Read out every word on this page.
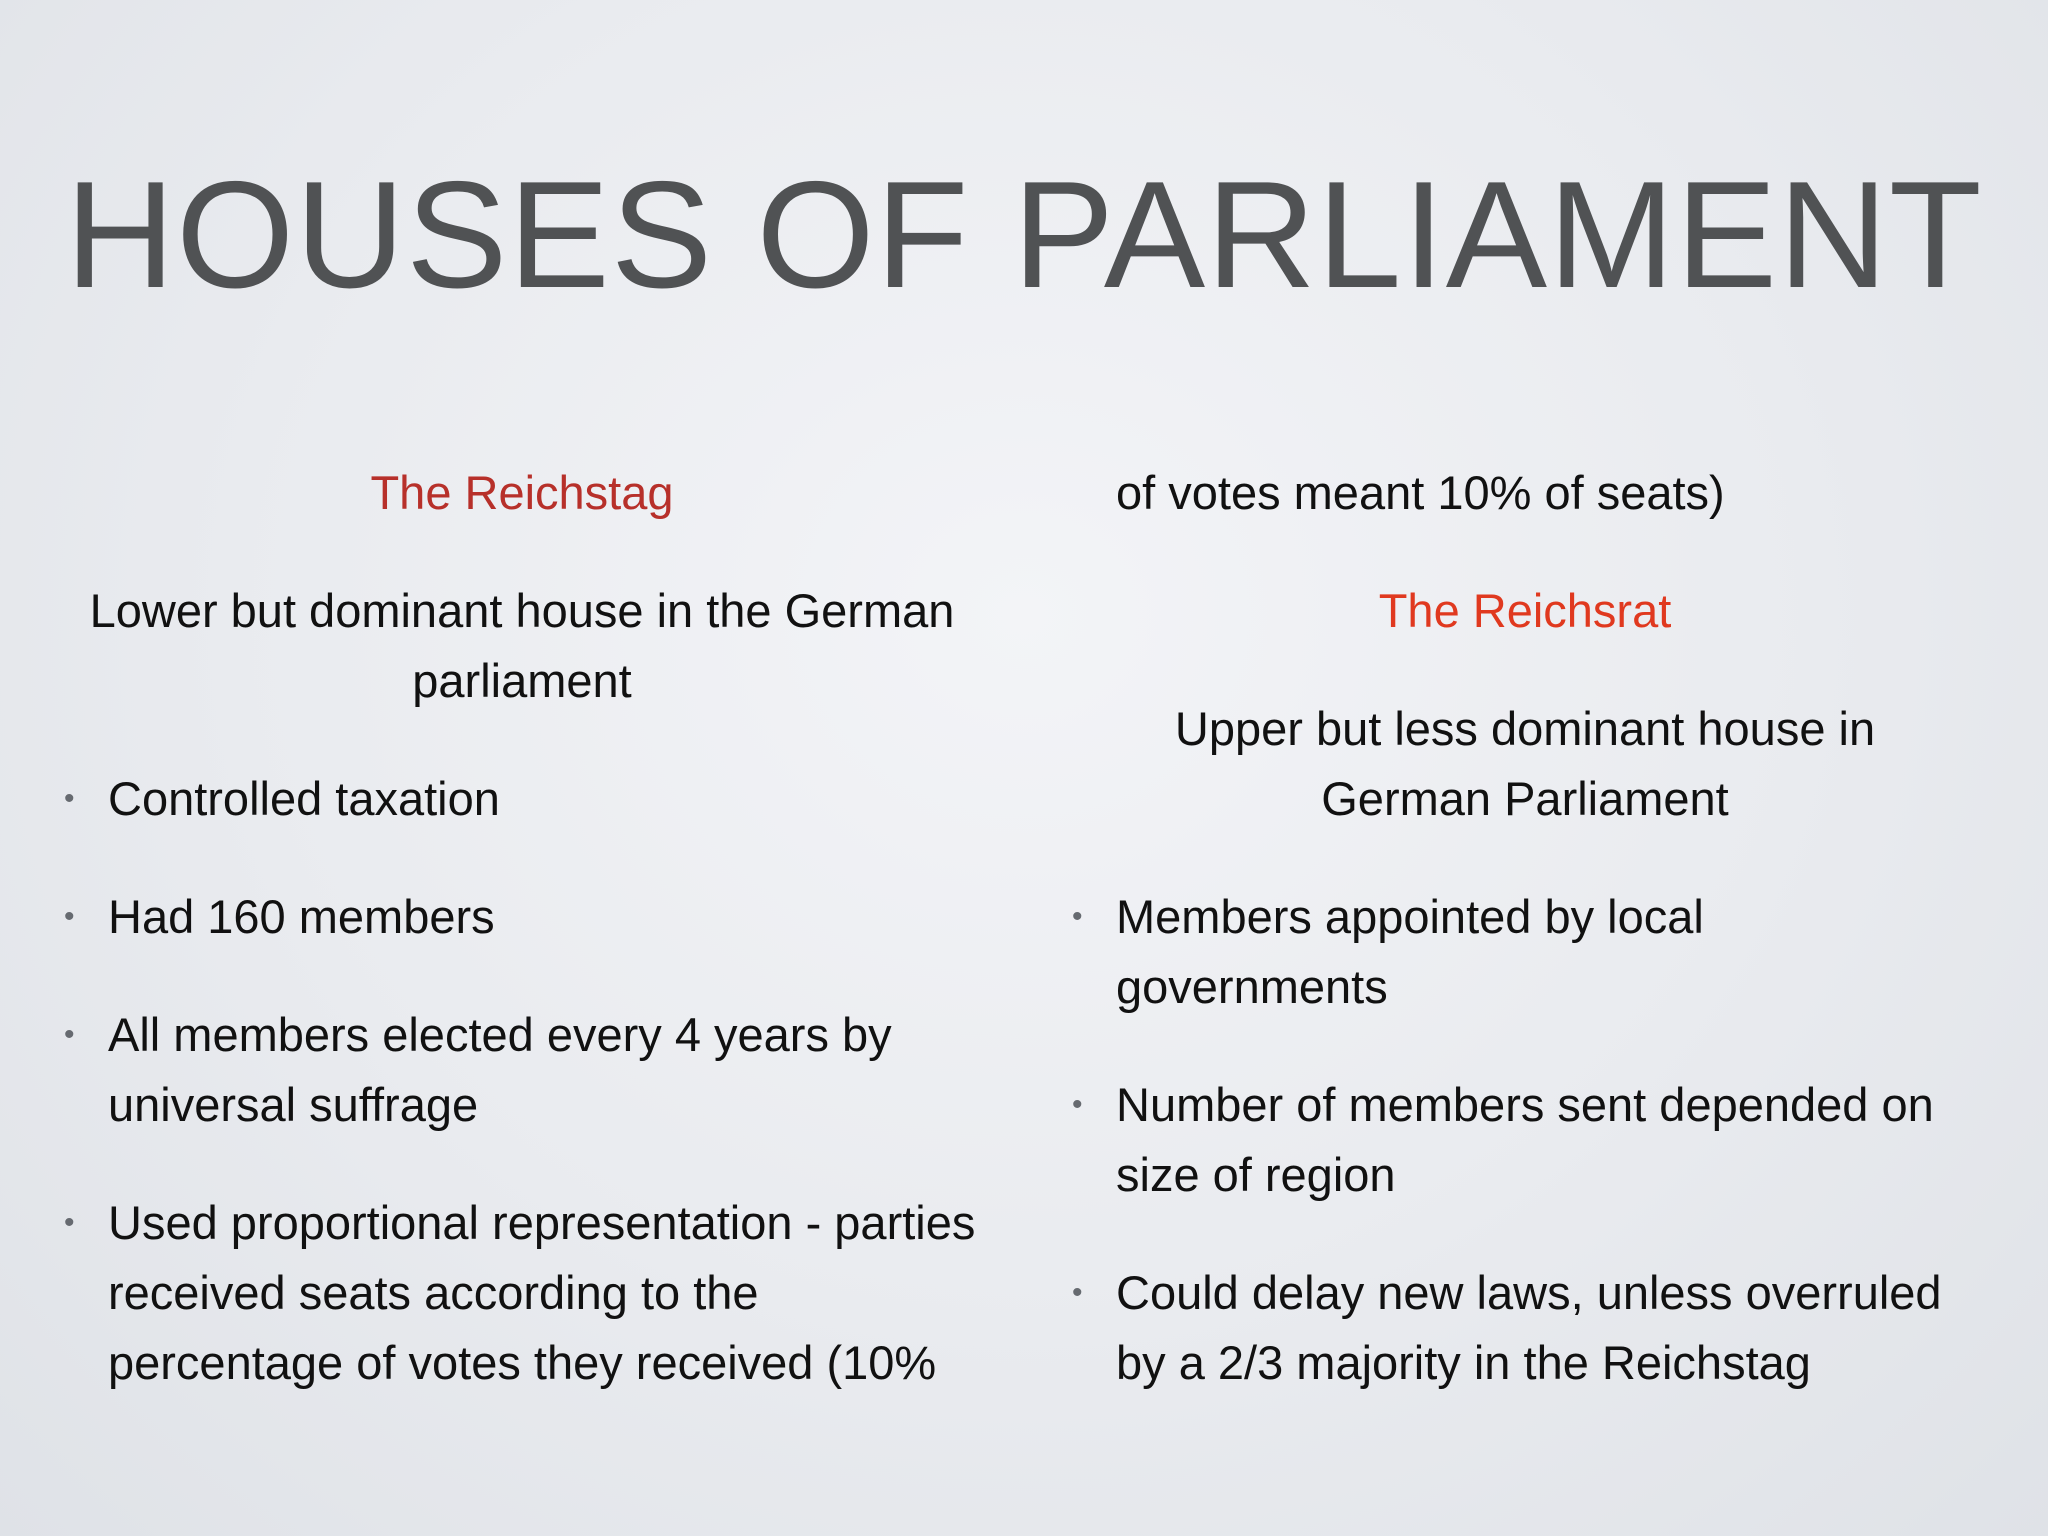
HOUSES OF PARLIAMENT

The Reichstag

Lower but dominant house in the German

parliament

• Controlled taxation
• Had 160 members
• All members elected every 4 years by universal suffrage
• Used proportional representation - parties received seats according to the percentage of votes they received (10%

of votes meant 10% of seats)

The Reichsrat

Upper but less dominant house in

German Parliament

• Members appointed by local governments
• Number of members sent depended on size of region
• Could delay new laws, unless overruled by a 2/3 majority in the Reichstag
